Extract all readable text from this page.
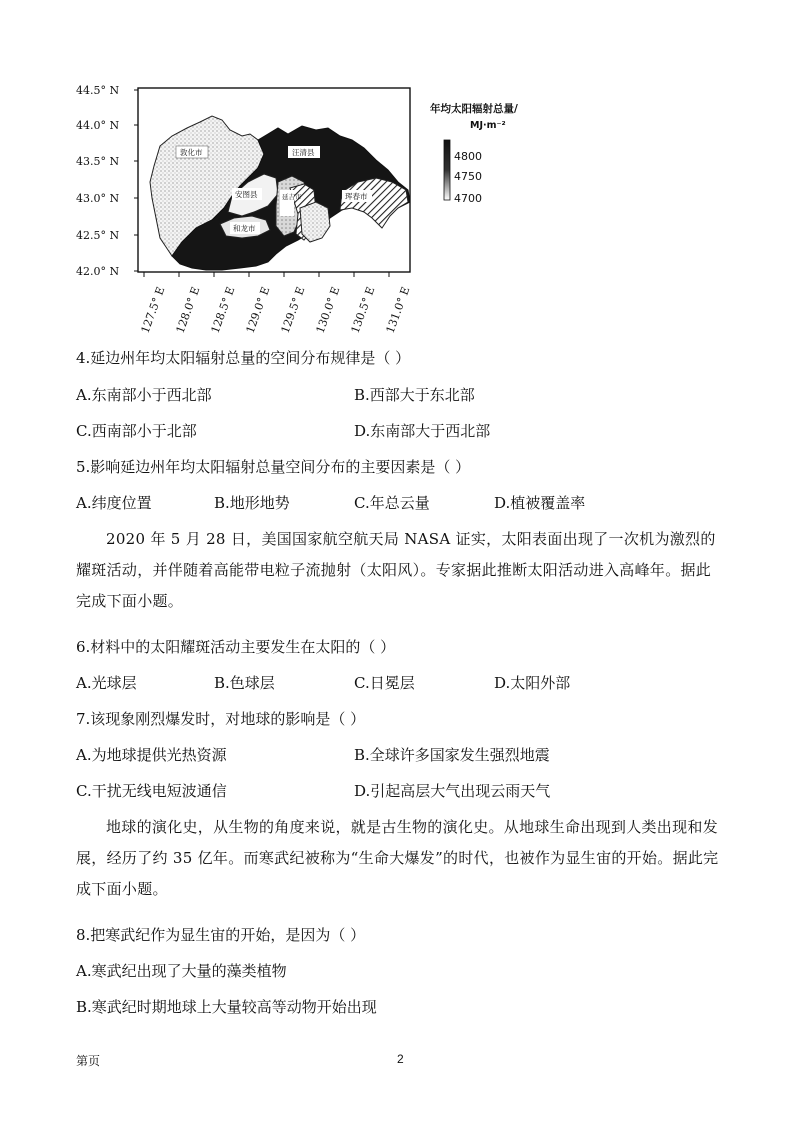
敦化市	汪清县
安图县	延吉市	珲春市
和龙市
44.5° N
44.0° N
43.5° N
43.0° N
42.5° N
42.0° N
127.5° E 128.0° E 128.5° E 129.0° E 129.5° E 130.0° E 130.5° E 131.0° E
年均太阳辐射总量/
MJ·m⁻²
4800
4750
4700
4.延边州年均太阳辐射总量的空间分布规律是（ ）
A.东南部小于西北部	B.西部大于东北部
C.西南部小于北部	D.东南部大于西北部
5.影响延边州年均太阳辐射总量空间分布的主要因素是（ ）
A.纬度位置	B.地形地势	C.年总云量	D.植被覆盖率
2020 年 5 月 28 日，美国国家航空航天局 NASA 证实，太阳表面出现了一次机为激烈的耀斑活动，并伴随着高能带电粒子流抛射（太阳风）。专家据此推断太阳活动进入高峰年。据此完成下面小题。
6.材料中的太阳耀斑活动主要发生在太阳的（ ）
A.光球层	B.色球层	C.日冕层	D.太阳外部
7.该现象刚烈爆发时，对地球的影响是（ ）
A.为地球提供光热资源	B.全球许多国家发生强烈地震
C.干扰无线电短波通信	D.引起高层大气出现云雨天气
地球的演化史，从生物的角度来说，就是古生物的演化史。从地球生命出现到人类出现和发展，经历了约 35 亿年。而寒武纪被称为“生命大爆发”的时代，也被作为显生宙的开始。据此完成下面小题。
8.把寒武纪作为显生宙的开始，是因为（ ）
A.寒武纪出现了大量的藻类植物
B.寒武纪时期地球上大量较高等动物开始出现
第页	2
